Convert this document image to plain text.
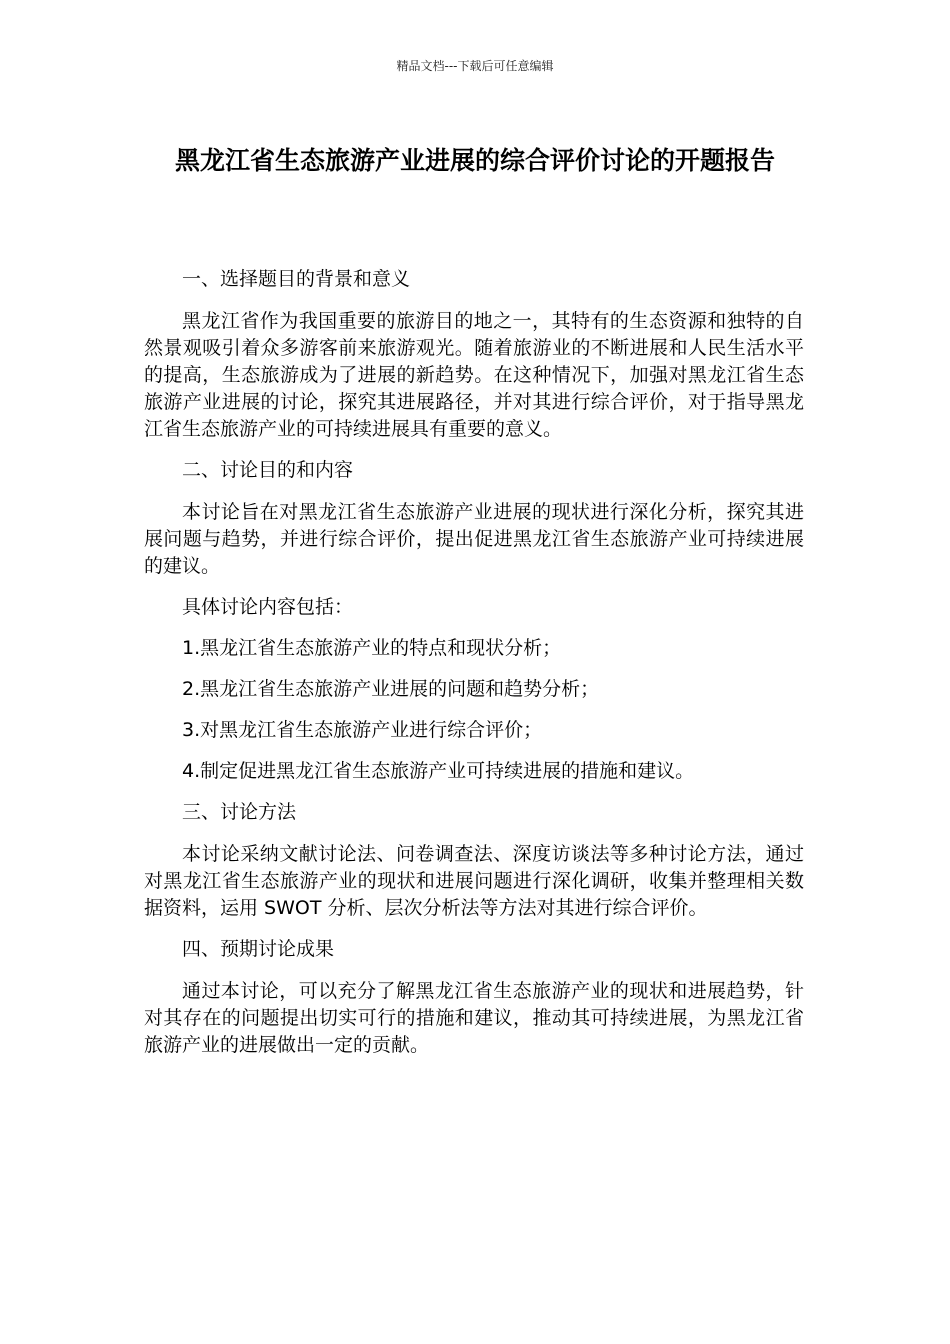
精品文档---下载后可任意编辑
黑龙江省生态旅游产业进展的综合评价讨论的开题报告

一、选择题目的背景和意义

黑龙江省作为我国重要的旅游目的地之一，其特有的生态资源和独特的自然景观吸引着众多游客前来旅游观光。随着旅游业的不断进展和人民生活水平的提高，生态旅游成为了进展的新趋势。在这种情况下，加强对黑龙江省生态旅游产业进展的讨论，探究其进展路径，并对其进行综合评价，对于指导黑龙江省生态旅游产业的可持续进展具有重要的意义。

二、讨论目的和内容

本讨论旨在对黑龙江省生态旅游产业进展的现状进行深化分析，探究其进展问题与趋势，并进行综合评价，提出促进黑龙江省生态旅游产业可持续进展的建议。

具体讨论内容包括：

1.黑龙江省生态旅游产业的特点和现状分析；

2.黑龙江省生态旅游产业进展的问题和趋势分析；

3.对黑龙江省生态旅游产业进行综合评价；

4.制定促进黑龙江省生态旅游产业可持续进展的措施和建议。

三、讨论方法

本讨论采纳文献讨论法、问卷调查法、深度访谈法等多种讨论方法，通过对黑龙江省生态旅游产业的现状和进展问题进行深化调研，收集并整理相关数据资料，运用 SWOT 分析、层次分析法等方法对其进行综合评价。

四、预期讨论成果

通过本讨论，可以充分了解黑龙江省生态旅游产业的现状和进展趋势，针对其存在的问题提出切实可行的措施和建议，推动其可持续进展，为黑龙江省旅游产业的进展做出一定的贡献。
